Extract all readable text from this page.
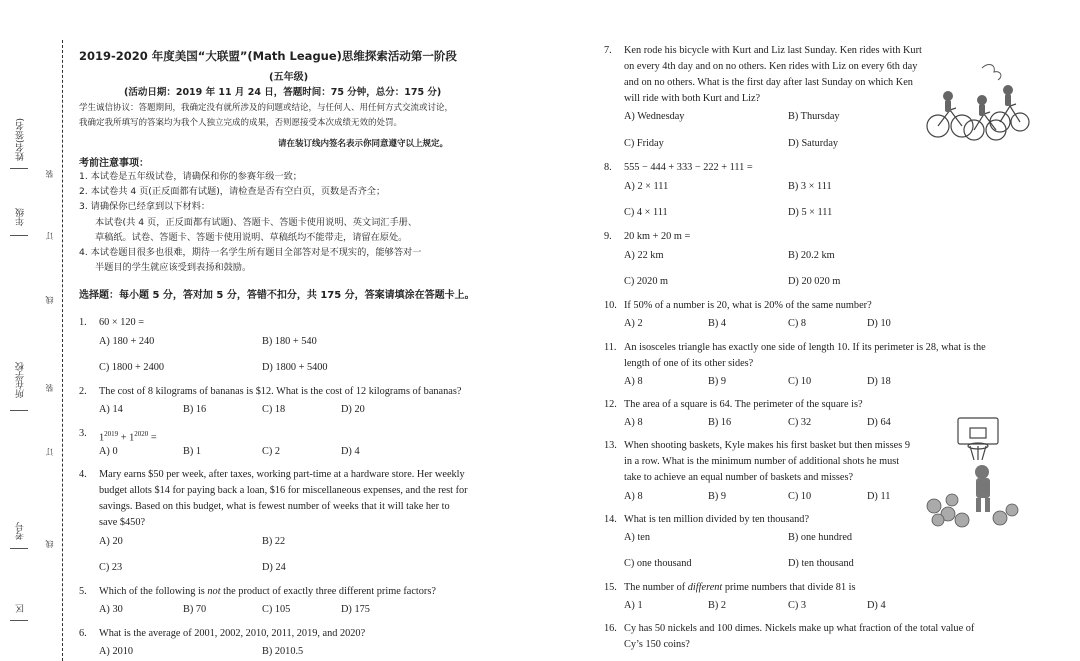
姓名(签名)
年级
所在学校
考号
区
装
订
线
装
订
线
2019-2020 年度美国“大联盟”(Math League)思维探索活动第一阶段
(五年级)
(活动日期：2019 年 11 月 24 日，答题时间：75 分钟，总分：175 分)
学生诚信协议：答题期间，我确定没有就所涉及的问题或结论，与任何人、用任何方式交流或讨论，
我确定我所填写的答案均为我个人独立完成的成果，否则愿接受本次成绩无效的处罚。
请在装订线内签名表示你同意遵守以上规定。
考前注意事项：
1. 本试卷是五年级试卷，请确保和你的参赛年级一致；
2. 本试卷共 4 页(正反面都有试题)，请检查是否有空白页，页数是否齐全；
3. 请确保你已经拿到以下材料：
本试卷(共 4 页，正反面都有试题)、答题卡、答题卡使用说明、英文词汇手册、
草稿纸。试卷、答题卡、答题卡使用说明、草稿纸均不能带走，请留在原处。
4. 本试卷题目很多也很难，期待一名学生所有题目全部答对是不现实的，能够答对一
半题目的学生就应该受到表扬和鼓励。
选择题：每小题 5 分，答对加 5 分，答错不扣分，共 175 分，答案请填涂在答题卡上。
1. 60 × 120 =
A) 180 + 240	B) 180 + 540
C) 1800 + 2400	D) 1800 + 5400
2. The cost of 8 kilograms of bananas is $12. What is the cost of 12 kilograms of bananas?
A) 14	B) 16	C) 18	D) 20
3. $1^{2019} + 1^{2020}$ =
A) 0	B) 1	C) 2	D) 4
4. Mary earns $50 per week, after taxes, working part-time at a hardware store. Her weekly
budget allots $14 for paying back a loan, $16 for miscellaneous expenses, and the rest for
savings. Based on this budget, what is fewest number of weeks that it will take her to
save $450?
A) 20	B) 22
C) 23	D) 24
5. Which of the following is not the product of exactly three different prime factors?
A) 30	B) 70	C) 105	D) 175
6. What is the average of 2001, 2002, 2010, 2011, 2019, and 2020?
A) 2010	B) 2010.5
7. Ken rode his bicycle with Kurt and Liz last Sunday. Ken rides with Kurt
on every 4th day and on no others. Ken rides with Liz on every 6th day
and on no others. What is the first day after last Sunday on which Ken
will ride with both Kurt and Liz?
A) Wednesday	B) Thursday
C) Friday	D) Saturday
8. 555 − 444 + 333 − 222 + 111 =
A) 2 × 111	B) 3 × 111
C) 4 × 111	D) 5 × 111
9. 20 km + 20 m =
A) 22 km	B) 20.2 km
C) 2020 m	D) 20 020 m
10. If 50% of a number is 20, what is 20% of the same number?
A) 2	B) 4	C) 8	D) 10
11. An isosceles triangle has exactly one side of length 10. If its perimeter is 28, what is the
length of one of its other sides?
A) 8	B) 9	C) 10	D) 18
12. The area of a square is 64. The perimeter of the square is?
A) 8	B) 16	C) 32	D) 64
13. When shooting baskets, Kyle makes his first basket but then misses 9
in a row. What is the minimum number of additional shots he must
take to achieve an equal number of baskets and misses?
A) 8	B) 9	C) 10	D) 11
14. What is ten million divided by ten thousand?
A) ten	B) one hundred
C) one thousand	D) ten thousand
15. The number of different prime numbers that divide 81 is
A) 1	B) 2	C) 3	D) 4
16. Cy has 50 nickels and 100 dimes. Nickels make up what fraction of the total value of
Cy’s 150 coins?
